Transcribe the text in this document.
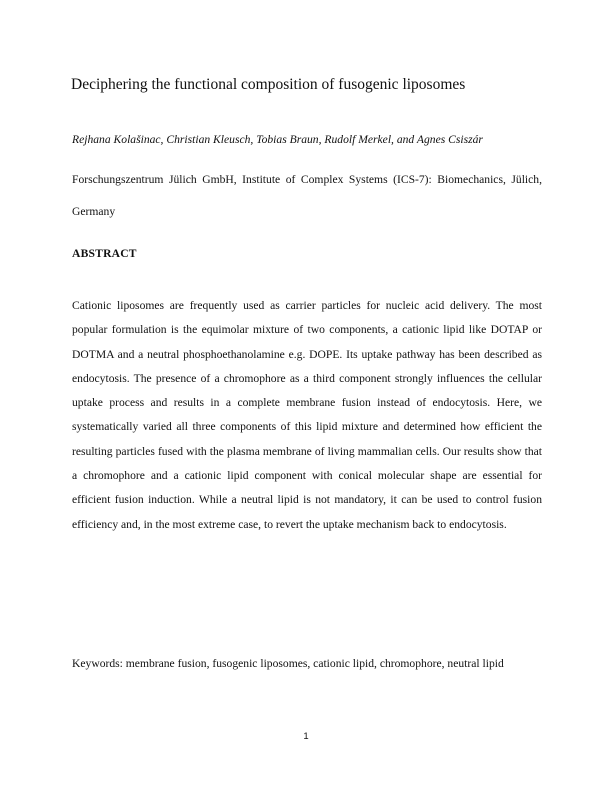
Deciphering the functional composition of fusogenic liposomes
Rejhana Kolašinac, Christian Kleusch, Tobias Braun, Rudolf Merkel, and Agnes Csiszár

Forschungszentrum Jülich GmbH, Institute of Complex Systems (ICS-7): Biomechanics, Jülich, Germany

ABSTRACT

Cationic liposomes are frequently used as carrier particles for nucleic acid delivery. The most popular formulation is the equimolar mixture of two components, a cationic lipid like DOTAP or DOTMA and a neutral phosphoethanolamine e.g. DOPE. Its uptake pathway has been described as endocytosis. The presence of a chromophore as a third component strongly influences the cellular uptake process and results in a complete membrane fusion instead of endocytosis. Here, we systematically varied all three components of this lipid mixture and determined how efficient the resulting particles fused with the plasma membrane of living mammalian cells. Our results show that a chromophore and a cationic lipid component with conical molecular shape are essential for efficient fusion induction. While a neutral lipid is not mandatory, it can be used to control fusion efficiency and, in the most extreme case, to revert the uptake mechanism back to endocytosis.

Keywords: membrane fusion, fusogenic liposomes, cationic lipid, chromophore, neutral lipid
1
